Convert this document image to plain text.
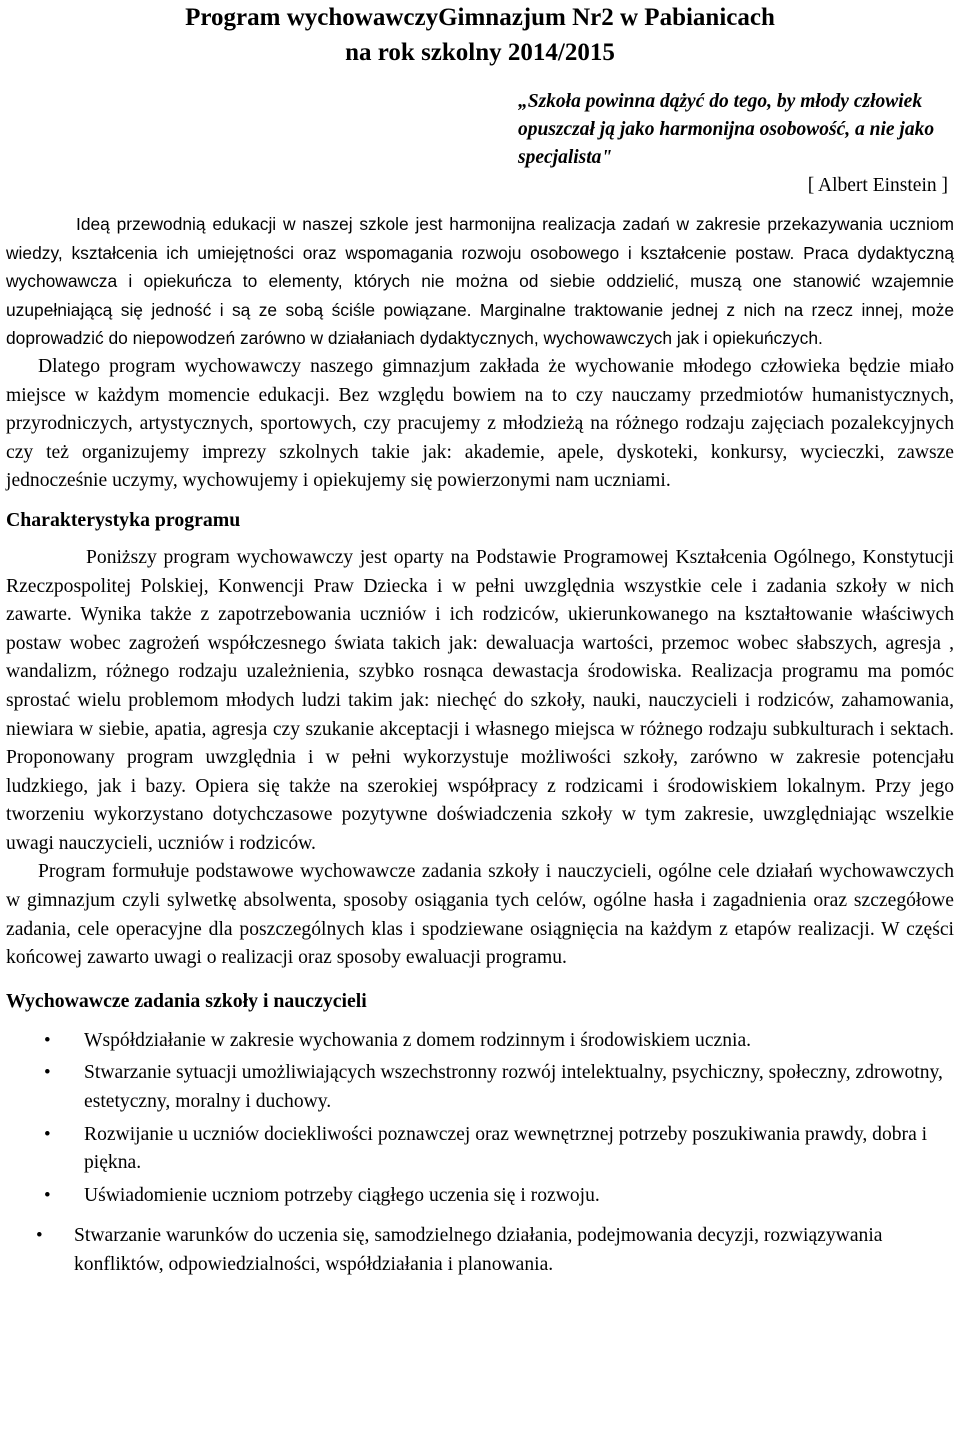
Program wychowawczyGimnazjum Nr2 w Pabianicach
na rok szkolny 2014/2015
„Szkoła powinna dążyć do tego, by młody człowiek opuszczał ją jako harmonijna osobowość, a nie jako specjalista"
[ Albert Einstein ]

Ideą przewodnią edukacji w naszej szkole jest harmonijna realizacja zadań w zakresie przekazywania uczniom wiedzy, kształcenia ich umiejętności oraz wspomagania rozwoju osobowego i kształcenie postaw. Praca dydaktyczną wychowawcza i opiekuńcza to elementy, których nie można od siebie oddzielić, muszą one stanowić wzajemnie uzupełniającą się jedność i są ze sobą ściśle powiązane. Marginalne traktowanie jednej z nich na rzecz innej, może doprowadzić do niepowodzeń zarówno w działaniach dydaktycznych, wychowawczych jak i opiekuńczych.

Dlatego program wychowawczy naszego gimnazjum zakłada że wychowanie młodego człowieka będzie miało miejsce w każdym momencie edukacji. Bez względu bowiem na to czy nauczamy przedmiotów humanistycznych, przyrodniczych, artystycznych, sportowych, czy pracujemy z młodzieżą na różnego rodzaju zajęciach pozalekcyjnych czy też organizujemy imprezy szkolnych takie jak: akademie, apele, dyskoteki, konkursy, wycieczki, zawsze jednocześnie uczymy, wychowujemy i opiekujemy się powierzonymi nam uczniami.

Charakterystyka programu

Poniższy program wychowawczy jest oparty na Podstawie Programowej Kształcenia Ogólnego, Konstytucji Rzeczpospolitej Polskiej, Konwencji Praw Dziecka i w pełni uwzględnia wszystkie cele i zadania szkoły w nich zawarte. Wynika także z zapotrzebowania uczniów i ich rodziców, ukierunkowanego na kształtowanie właściwych postaw wobec zagrożeń współczesnego świata takich jak: dewaluacja wartości, przemoc wobec słabszych, agresja , wandalizm, różnego rodzaju uzależnienia, szybko rosnąca dewastacja środowiska. Realizacja programu ma pomóc sprostać wielu problemom młodych ludzi takim jak: niechęć do szkoły, nauki, nauczycieli i rodziców, zahamowania, niewiara w siebie, apatia, agresja czy szukanie akceptacji i własnego miejsca w różnego rodzaju subkulturach i sektach. Proponowany program uwzględnia i w pełni wykorzystuje możliwości szkoły, zarówno w zakresie potencjału ludzkiego, jak i bazy. Opiera się także na szerokiej współpracy z rodzicami i środowiskiem lokalnym. Przy jego tworzeniu wykorzystano dotychczasowe pozytywne doświadczenia szkoły w tym zakresie, uwzględniając wszelkie uwagi nauczycieli, uczniów i rodziców.

Program formułuje podstawowe wychowawcze zadania szkoły i nauczycieli, ogólne cele działań wychowawczych w gimnazjum czyli sylwetkę absolwenta, sposoby osiągania tych celów, ogólne hasła i zagadnienia oraz szczegółowe zadania, cele operacyjne dla poszczególnych klas i spodziewane osiągnięcia na każdym z etapów realizacji. W części końcowej zawarto uwagi o realizacji oraz sposoby ewaluacji programu.

Wychowawcze zadania szkoły i nauczycieli
• Współdziałanie w zakresie wychowania z domem rodzinnym i środowiskiem ucznia.
• Stwarzanie sytuacji umożliwiających wszechstronny rozwój intelektualny, psychiczny, społeczny, zdrowotny, estetyczny, moralny i duchowy.
• Rozwijanie u uczniów dociekliwości poznawczej oraz wewnętrznej potrzeby poszukiwania prawdy, dobra i piękna.
• Uświadomienie uczniom potrzeby ciągłego uczenia się i rozwoju.
• Stwarzanie warunków do uczenia się, samodzielnego działania, podejmowania decyzji, rozwiązywania konfliktów, odpowiedzialności, współdziałania i planowania.
